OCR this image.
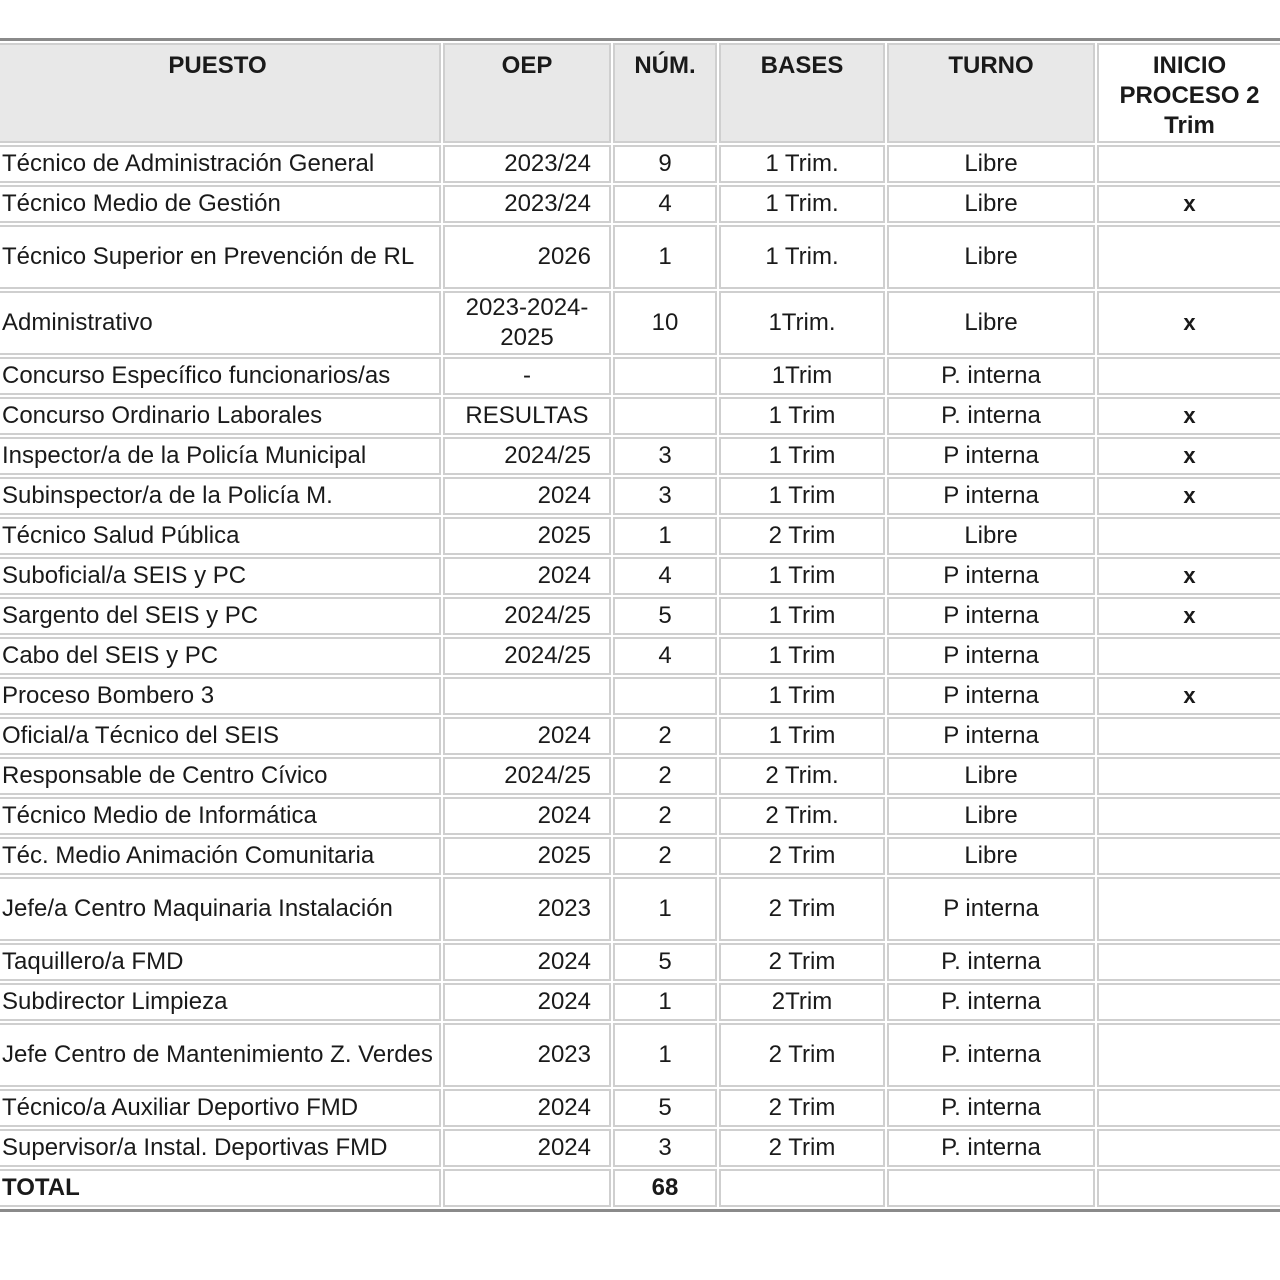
PUESTO	OEP	NÚM.	BASES	TURNO	INICIO PROCESO 2 Trim
Técnico de Administración General	2023/24	9	1 Trim.	Libre	
Técnico Medio de Gestión	2023/24	4	1 Trim.	Libre	x
Técnico Superior en Prevención de RL	2026	1	1 Trim.	Libre	
Administrativo	2023-2024-2025	10	1Trim.	Libre	x
Concurso Específico funcionarios/as	-		1Trim	P. interna	
Concurso Ordinario Laborales	RESULTAS		1 Trim	P. interna	x
Inspector/a de la Policía Municipal	2024/25	3	1 Trim	P interna	x
Subinspector/a de la Policía M.	2024	3	1 Trim	P interna	x
Técnico Salud Pública	2025	1	2 Trim	Libre	
Suboficial/a SEIS y PC	2024	4	1 Trim	P interna	x
Sargento del SEIS y PC	2024/25	5	1 Trim	P interna	x
Cabo del SEIS y PC	2024/25	4	1 Trim	P interna	
Proceso Bombero 3			1 Trim	P interna	x
Oficial/a Técnico del SEIS	2024	2	1 Trim	P interna	
Responsable de Centro Cívico	2024/25	2	2 Trim.	Libre	
Técnico Medio de Informática	2024	2	2 Trim.	Libre	
Téc. Medio Animación Comunitaria	2025	2	2 Trim	Libre	
Jefe/a Centro Maquinaria Instalación	2023	1	2 Trim	P interna	
Taquillero/a FMD	2024	5	2 Trim	P. interna	
Subdirector Limpieza	2024	1	2Trim	P. interna	
Jefe Centro de Mantenimiento Z. Verdes	2023	1	2 Trim	P. interna	
Técnico/a Auxiliar Deportivo FMD	2024	5	2 Trim	P. interna	
Supervisor/a Instal. Deportivas FMD	2024	3	2 Trim	P. interna	
TOTAL		68			
